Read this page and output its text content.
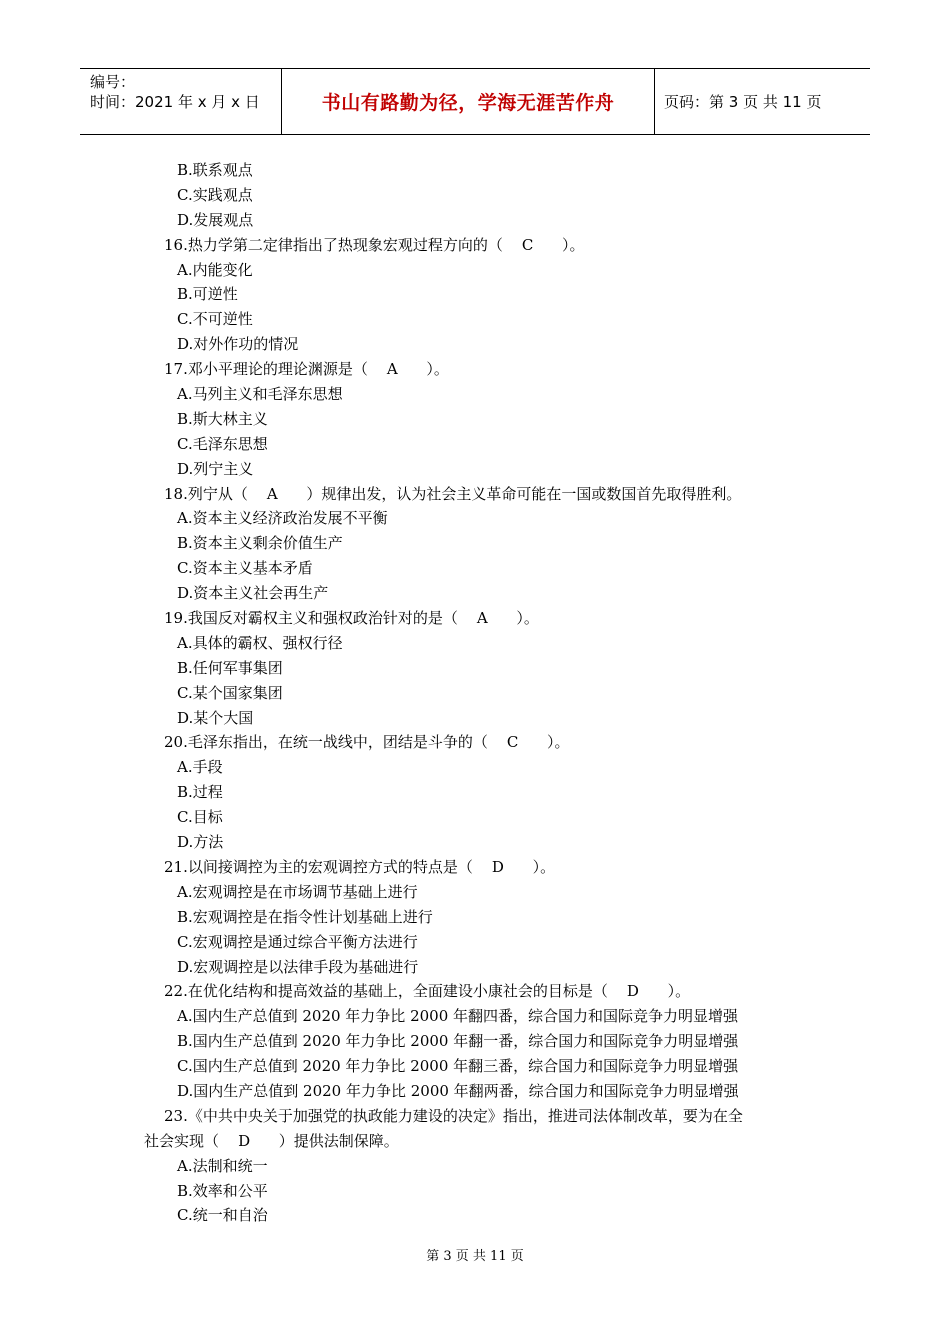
编号：
时间：2021 年 x 月 x 日	书山有路勤为径，学海无涯苦作舟	页码：第 3 页 共 11 页
B.联系观点
C.实践观点
D.发展观点
16.热力学第二定律指出了热现象宏观过程方向的（    C      ）。
A.内能变化
B.可逆性
C.不可逆性
D.对外作功的情况
17.邓小平理论的理论渊源是（    A      ）。
A.马列主义和毛泽东思想
B.斯大林主义
C.毛泽东思想
D.列宁主义
18.列宁从（    A      ）规律出发，认为社会主义革命可能在一国或数国首先取得胜利。
A.资本主义经济政治发展不平衡
B.资本主义剩余价值生产
C.资本主义基本矛盾
D.资本主义社会再生产
19.我国反对霸权主义和强权政治针对的是（    A      ）。
A.具体的霸权、强权行径
B.任何军事集团
C.某个国家集团
D.某个大国
20.毛泽东指出，在统一战线中，团结是斗争的（    C      ）。
A.手段
B.过程
C.目标
D.方法
21.以间接调控为主的宏观调控方式的特点是（    D      ）。
A.宏观调控是在市场调节基础上进行
B.宏观调控是在指令性计划基础上进行
C.宏观调控是通过综合平衡方法进行
D.宏观调控是以法律手段为基础进行
22.在优化结构和提高效益的基础上，全面建设小康社会的目标是（    D      ）。
A.国内生产总值到 2020 年力争比 2000 年翻四番，综合国力和国际竞争力明显增强
B.国内生产总值到 2020 年力争比 2000 年翻一番，综合国力和国际竞争力明显增强
C.国内生产总值到 2020 年力争比 2000 年翻三番，综合国力和国际竞争力明显增强
D.国内生产总值到 2020 年力争比 2000 年翻两番，综合国力和国际竞争力明显增强
23.《中共中央关于加强党的执政能力建设的决定》指出，推进司法体制改革，要为在全
社会实现（    D      ）提供法制保障。
A.法制和统一
B.效率和公平
C.统一和自治
第 3 页 共 11 页
